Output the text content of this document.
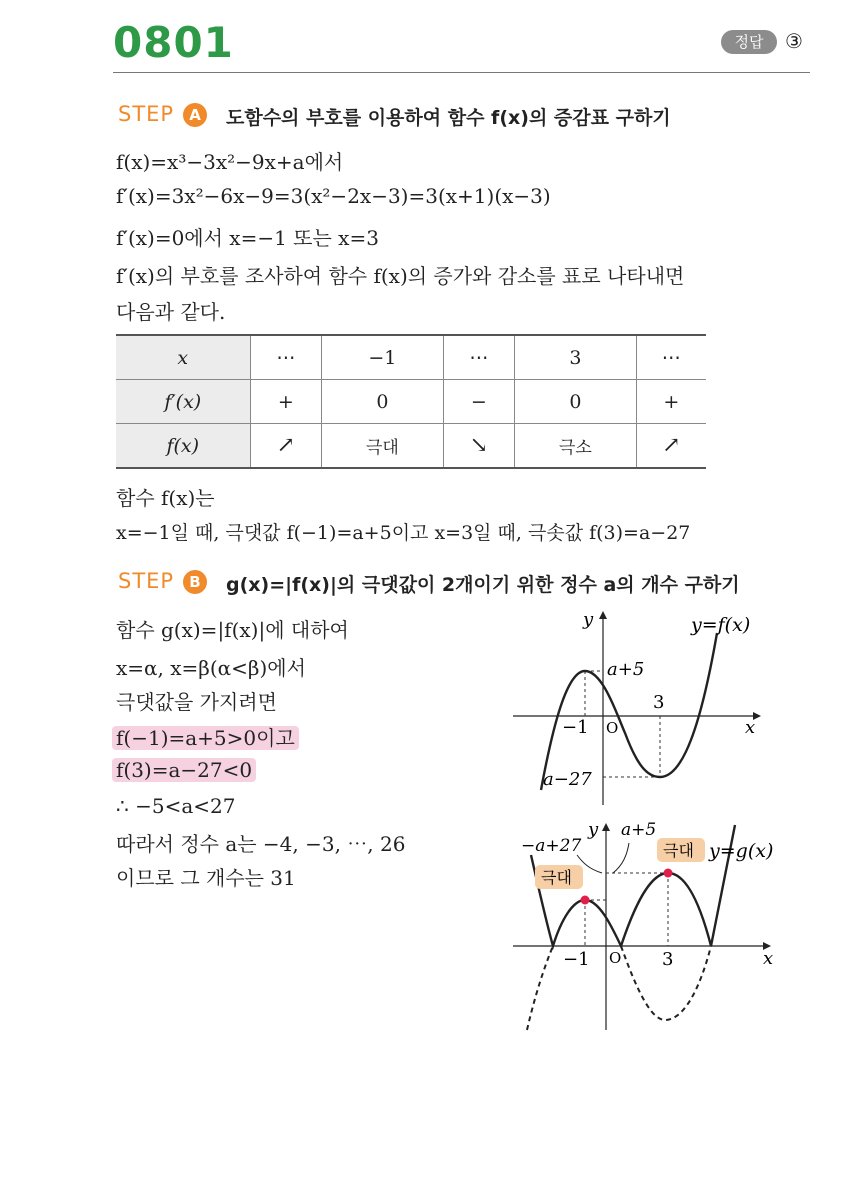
0801	정답	③
STEP	A	도함수의 부호를 이용하여 함수 f(x)의 증감표 구하기
f(x)=x³−3x²−9x+a에서
f′(x)=3x²−6x−9=3(x²−2x−3)=3(x+1)(x−3)
f′(x)=0에서 x=−1 또는 x=3
f′(x)의 부호를 조사하여 함수 f(x)의 증가와 감소를 표로 나타내면
다음과 같다.
x	⋯	−1	⋯	3	⋯
f′(x)	+	0	−	0	+
f(x)	↗	극대	↘	극소	↗
함수 f(x)는
x=−1일 때, 극댓값 f(−1)=a+5이고 x=3일 때, 극솟값 f(3)=a−27
STEP	B	g(x)=|f(x)|의 극댓값이 2개이기 위한 정수 a의 개수 구하기
함수 g(x)=|f(x)|에 대하여
x=α, x=β(α<β)에서
극댓값을 가지려면
f(−1)=a+5>0이고
f(3)=a−27<0
∴ −5<a<27
따라서 정수 a는 −4, −3, ⋯, 26
이므로 그 개수는 31
y
x
y=f(x)
a+5
a−27
−1
3
O
극대
극대
y
x
y=g(x)
−a+27
a+5
−1	3
O
